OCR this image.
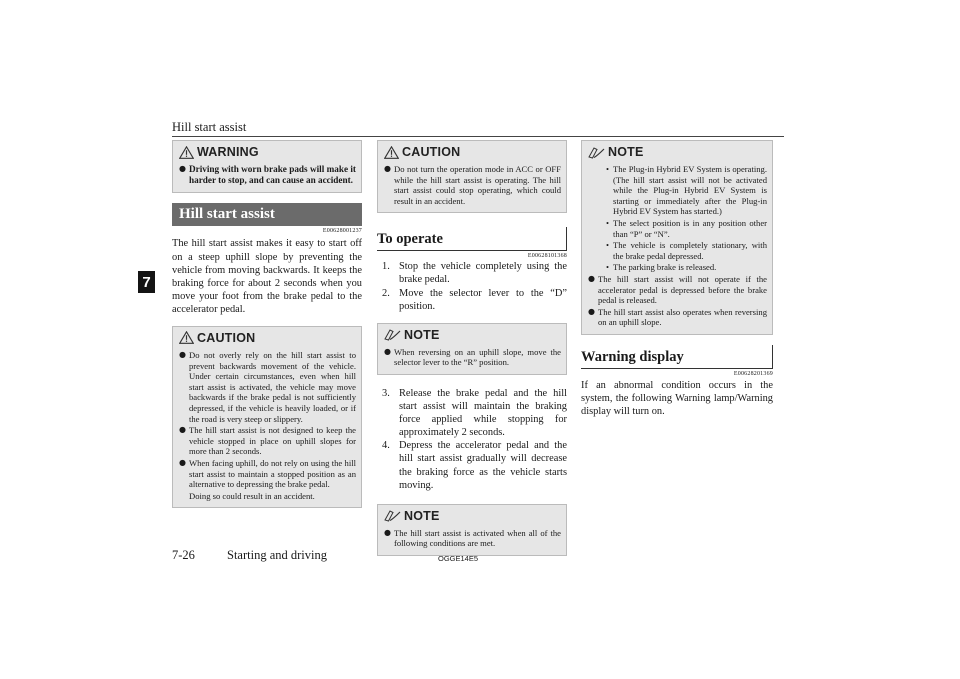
Hill start assist
7
WARNING
● Driving with worn brake pads will make it harder to stop, and can cause an accident.
Hill start assist
E00628001237

The hill start assist makes it easy to start off on a steep uphill slope by preventing the vehicle from moving backwards. It keeps the braking force for about 2 seconds when you move your foot from the brake pedal to the accelerator pedal.

CAUTION
● Do not overly rely on the hill start assist to prevent backwards movement of the vehicle. Under certain circumstances, even when hill start assist is activated, the vehicle may move backwards if the brake pedal is not sufficiently depressed, if the vehicle is heavily loaded, or if the road is very steep or slippery.
● The hill start assist is not designed to keep the vehicle stopped in place on uphill slopes for more than 2 seconds.
● When facing uphill, do not rely on using the hill start assist to maintain a stopped position as an alternative to depressing the brake pedal.
Doing so could result in an accident.
CAUTION
● Do not turn the operation mode in ACC or OFF while the hill start assist is operating. The hill start assist could stop operating, which could result in an accident.
To operate
E00628101368
1. Stop the vehicle completely using the brake pedal.
2. Move the selector lever to the “D” position.
NOTE
● When reversing on an uphill slope, move the selector lever to the “R” position.
3. Release the brake pedal and the hill start assist will maintain the braking force applied while stopping for approximately 2 seconds.
4. Depress the accelerator pedal and the hill start assist gradually will decrease the braking force as the vehicle starts moving.
NOTE
● The hill start assist is activated when all of the following conditions are met.
NOTE
• The Plug-in Hybrid EV System is operating. (The hill start assist will not be activated while the Plug-in Hybrid EV System is starting or immediately after the Plug-in Hybrid EV System has started.)
• The select position is in any position other than “P” or “N”.
• The vehicle is completely stationary, with the brake pedal depressed.
• The parking brake is released.
● The hill start assist will not operate if the accelerator pedal is depressed before the brake pedal is released.
● The hill start assist also operates when reversing on an uphill slope.
Warning display
E00628201369

If an abnormal condition occurs in the system, the following Warning lamp/Warning display will turn on.

7-26	Starting and driving	OGGE14E5
